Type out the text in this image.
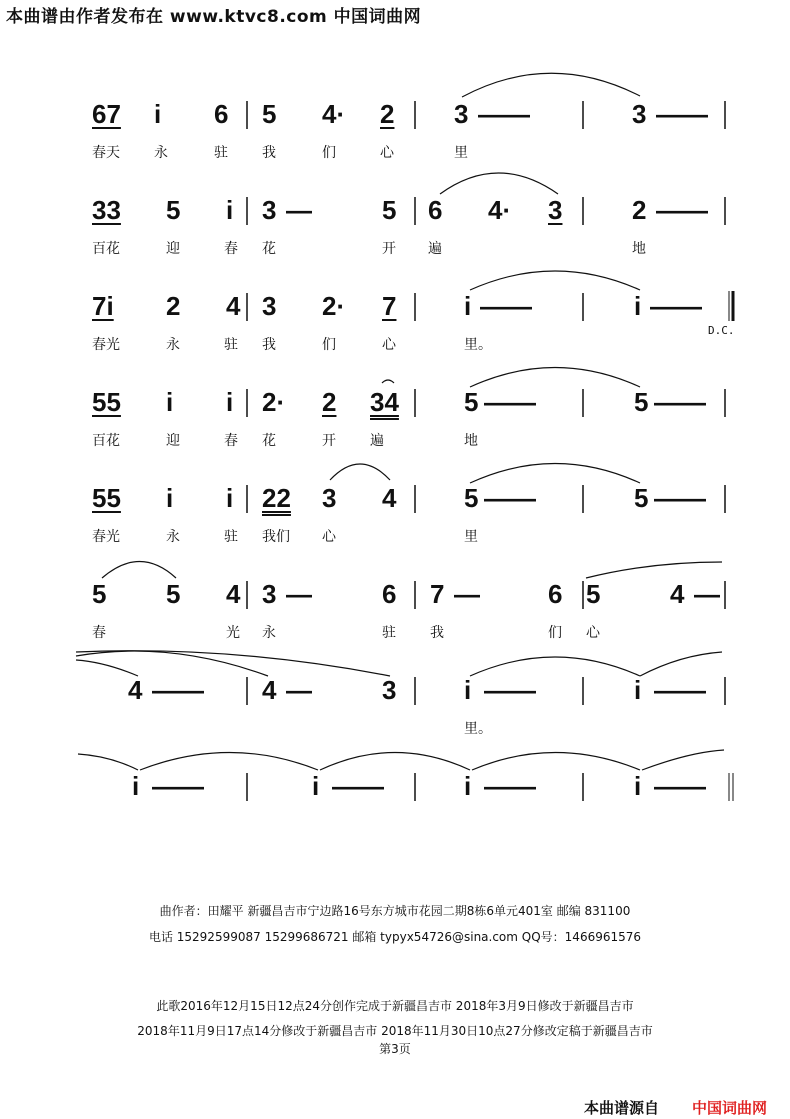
本曲谱由作者发布在 www.ktvc8.com 中国词曲网
67 i 6 5 4· 2 3 ——	3 ——
春天 永	驻 我	们	心	里
33 5 i 3 —	5 6 4· 3	2 ——
百花	迎	春 花	开 遍	地
7i 2 4 3 2· 7	i ——	i ——
D.C.
春光	永	驻 我	们	心	里。
55 i i 2· 2 34	5 ——	5 ——
百花	迎	春 花	开 遍	地
55 i i 22 3 4	5 ——	5 ——
春光	永	驻 我们 心	里
5 5 4 3 —	6 7 —	6 5	4 —
春	光 永	驻 我	们 心
4 —— 4 —	3	i ——	i ——
里。
i ——	i ——	i ——	i ——
曲作者：田耀平 新疆昌吉市宁边路16号东方城市花园二期8栋6单元401室 邮编 831100
电话 15292599087 15299686721 邮箱 typyx54726@sina.com QQ号：1466961576
此歌2016年12月15日12点24分创作完成于新疆昌吉市 2018年3月9日修改于新疆昌吉市
2018年11月9日17点14分修改于新疆昌吉市 2018年11月30日10点27分修改定稿于新疆昌吉市
第3页
本曲谱源自 中国词曲网
